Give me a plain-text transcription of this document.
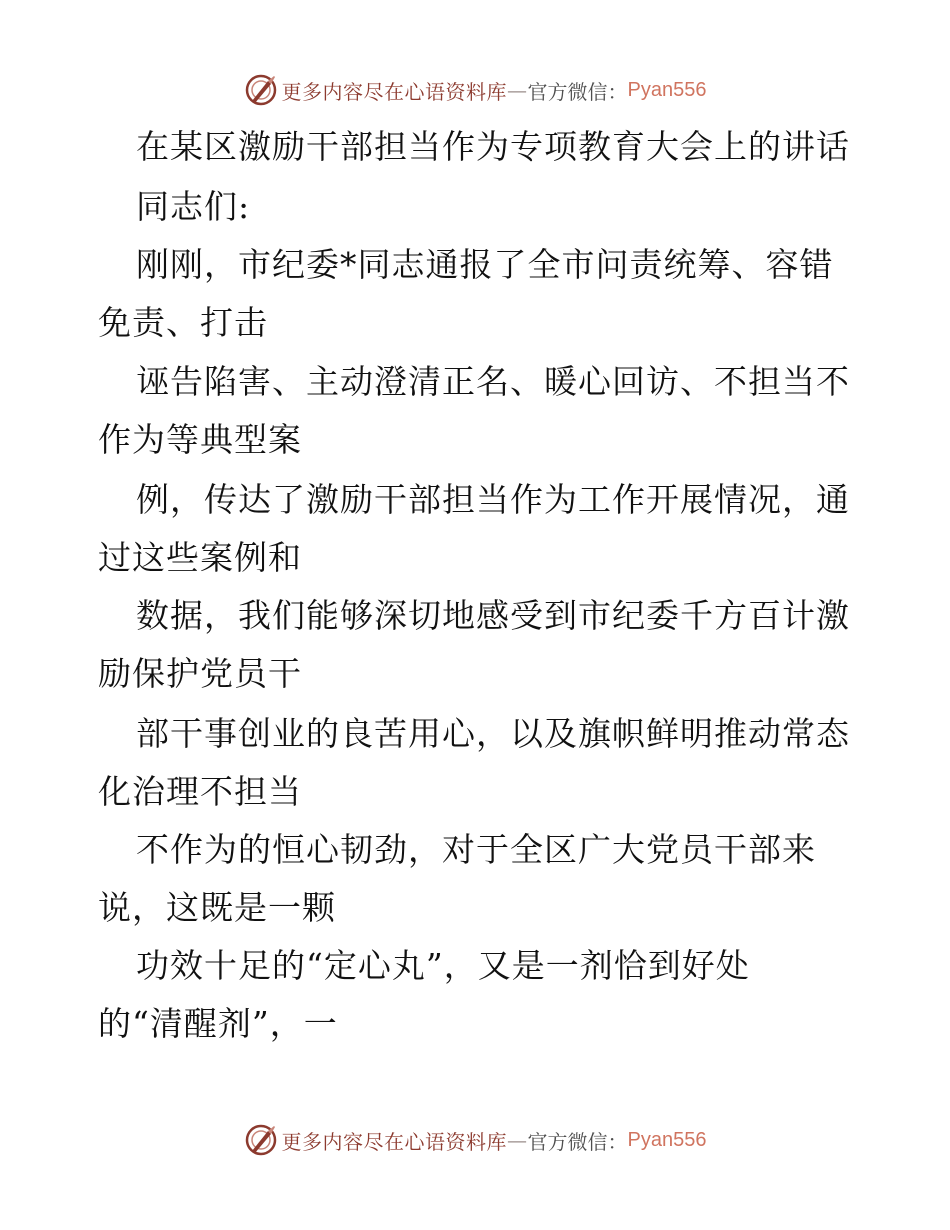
更多内容尽在心语资料库 — 官方微信： Pyan556
在某区激励干部担当作为专项教育大会上的讲话
同志们:
刚刚，市纪委*同志通报了全市问责统筹、容错
免责、打击
诬告陷害、主动澄清正名、暖心回访、不担当不
作为等典型案
例，传达了激励干部担当作为工作开展情况，通
过这些案例和
数据，我们能够深切地感受到市纪委千方百计激
励保护党员干
部干事创业的良苦用心，以及旗帜鲜明推动常态
化治理不担当
不作为的恒心韧劲，对于全区广大党员干部来
说，这既是一颗
功效十足的“定心丸”，又是一剂恰到好处
的“清醒剂”，一
更多内容尽在心语资料库 — 官方微信： Pyan556
